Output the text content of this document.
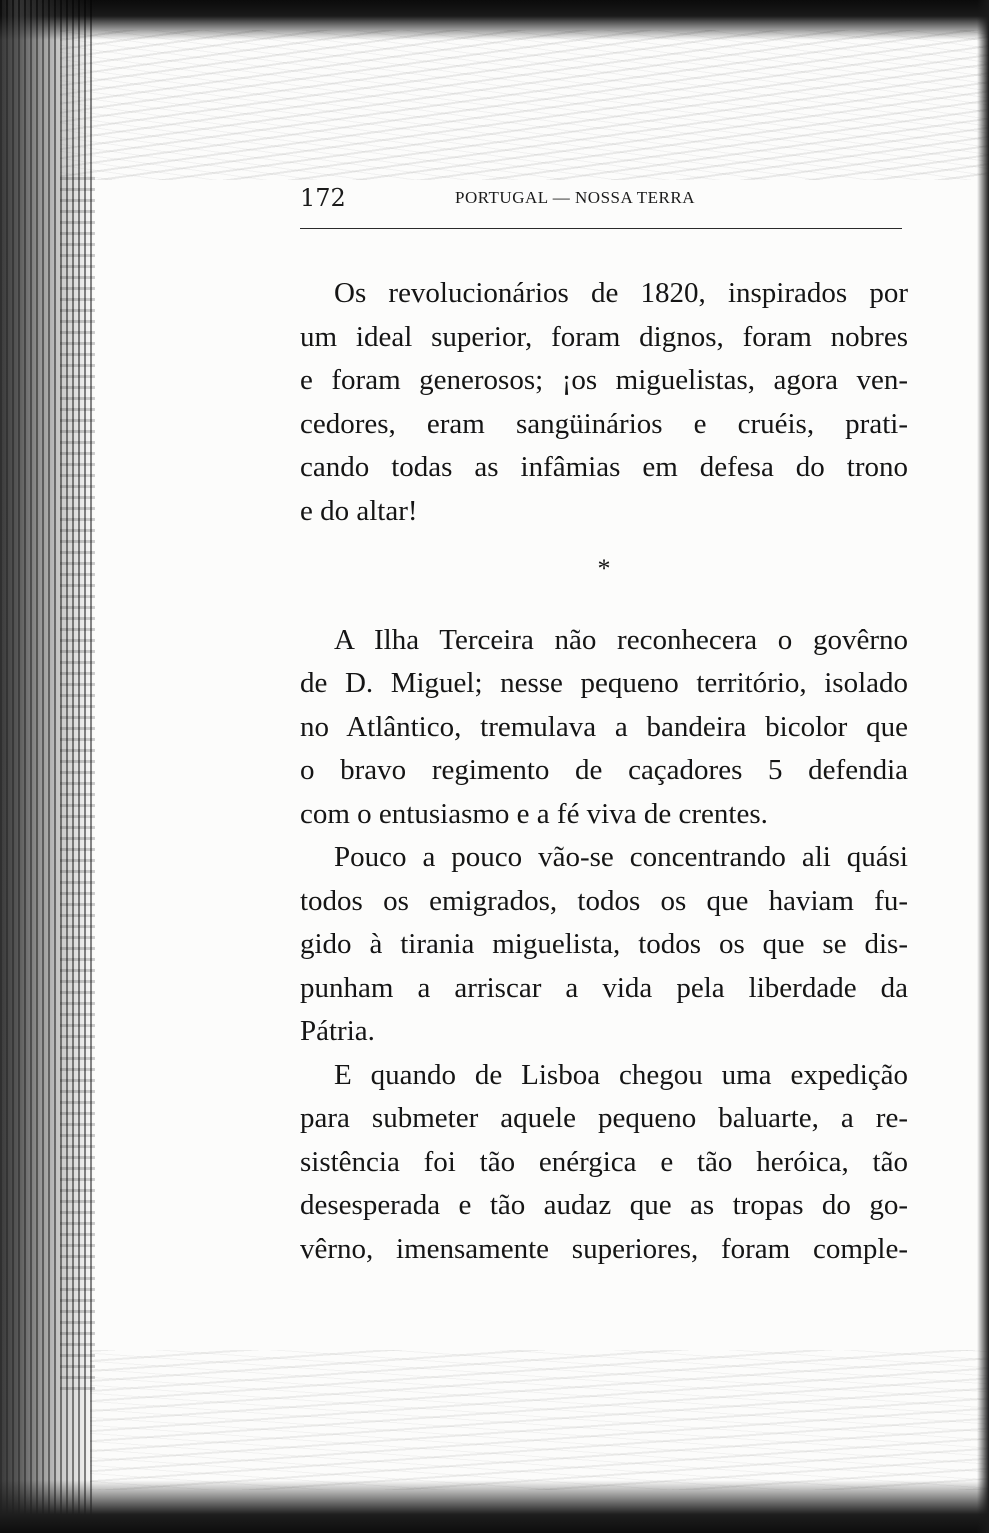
172	PORTUGAL — NOSSA TERRA
Os revolucionários de 1820, inspirados por
um ideal superior, foram dignos, foram nobres
e foram generosos; ¡os miguelistas, agora ven-
cedores, eram sangüinários e cruéis, prati-
cando todas as infâmias em defesa do trono
e do altar!
*
A Ilha Terceira não reconhecera o govêrno
de D. Miguel; nesse pequeno território, isolado
no Atlântico, tremulava a bandeira bicolor que
o bravo regimento de caçadores 5 defendia
com o entusiasmo e a fé viva de crentes.
Pouco a pouco vão-se concentrando ali quási
todos os emigrados, todos os que haviam fu-
gido à tirania miguelista, todos os que se dis-
punham a arriscar a vida pela liberdade da
Pátria.
E quando de Lisboa chegou uma expedição
para submeter aquele pequeno baluarte, a re-
sistência foi tão enérgica e tão heróica, tão
desesperada e tão audaz que as tropas do go-
vêrno, imensamente superiores, foram comple-
